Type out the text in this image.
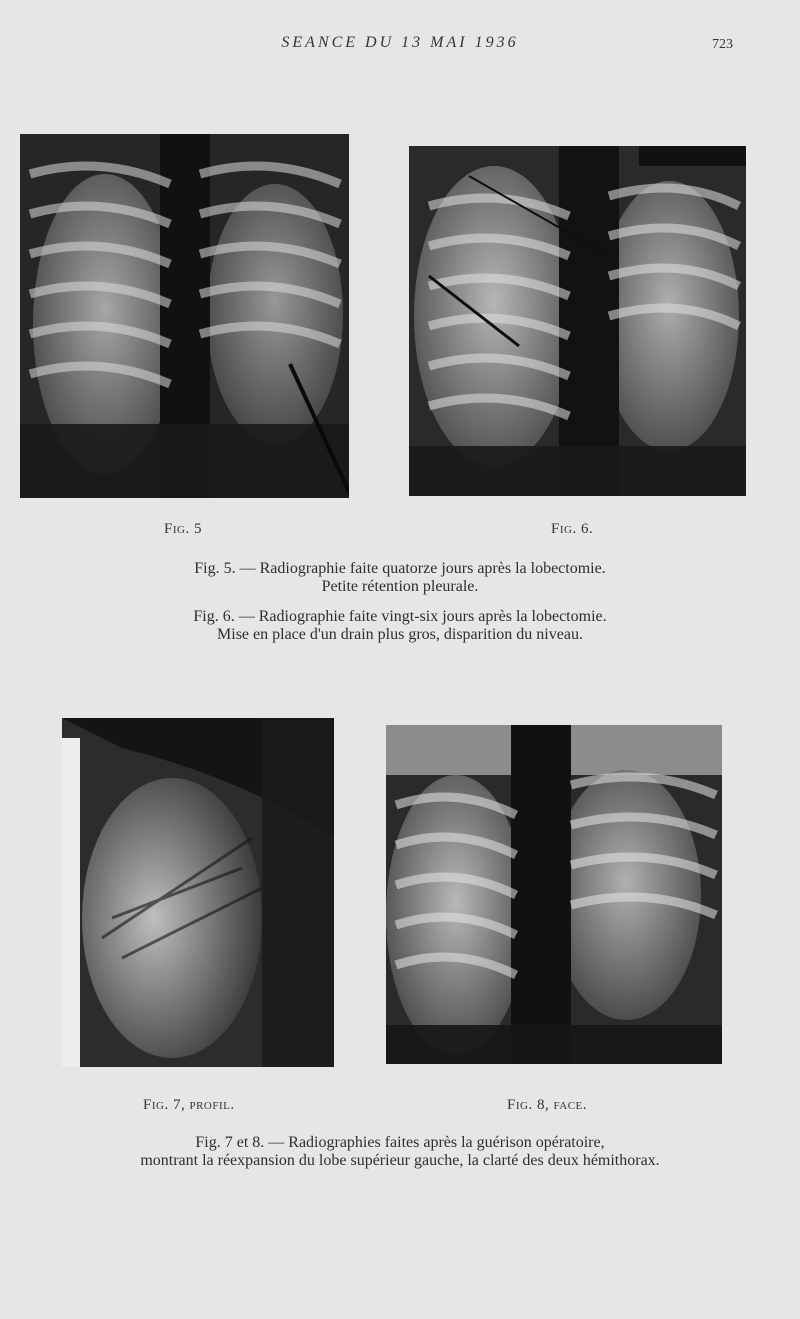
SEANCE DU 13 MAI 1936	723
Fig. 5	Fig. 6.

Fig. 5. — Radiographie faite quatorze jours après la lobectomie.

Petite rétention pleurale.

Fig. 6. — Radiographie faite vingt-six jours après la lobectomie.

Mise en place d'un drain plus gros, disparition du niveau.

Fig. 7, profil.	Fig. 8, face.

Fig. 7 et 8. — Radiographies faites après la guérison opératoire,

montrant la réexpansion du lobe supérieur gauche, la clarté des deux hémithorax.
